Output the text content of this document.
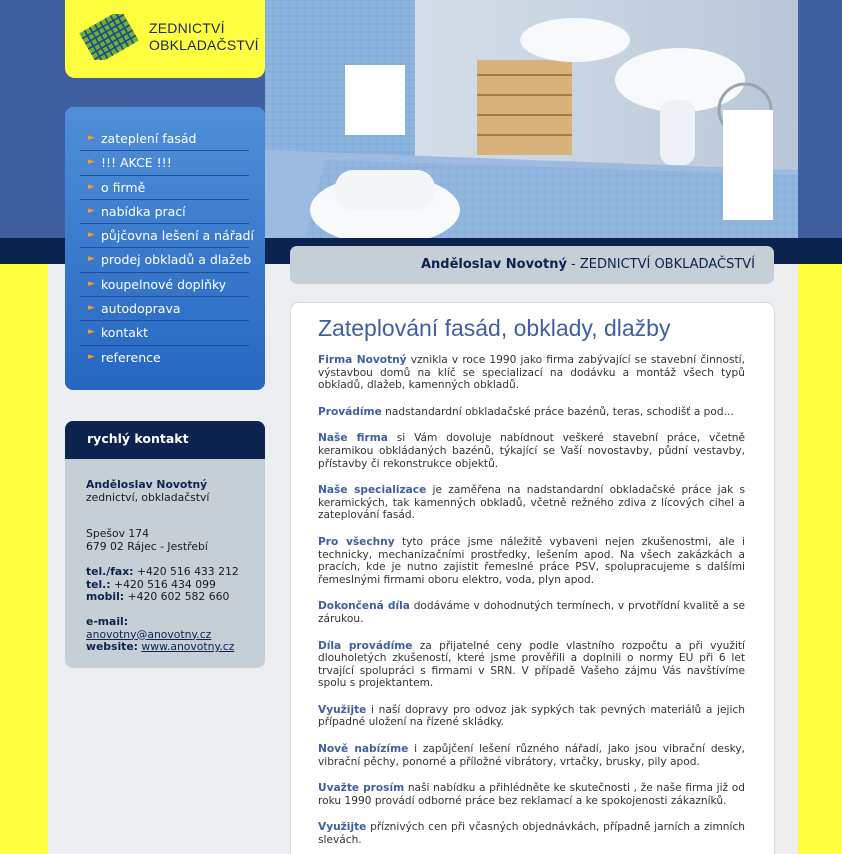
ZEDNICTVÍ
OBKLADAČSTVÍ
► zateplení fasád
► !!! AKCE !!!
► o firmě
► nabídka prací
► půjčovna lešení a nářadí
► prodej obkladů a dlažeb
► koupelnové doplňky
► autodoprava
► kontakt
► reference
rychlý kontakt
Anděloslav Novotný
zednictví, obkladačství
Spešov 174
679 02 Rájec - Jestřebí
tel./fax: +420 516 433 212
tel.: +420 516 434 099
mobil: +420 602 582 660
e-mail: anovotny@anovotny.cz
website: www.anovotny.cz
Anděloslav Novotný - ZEDNICTVÍ OBKLADAČSTVÍ
Zateplování fasád, obklady, dlažby

Firma Novotný vznikla v roce 1990 jako firma zabývající se stavební činností, výstavbou domů na klíč se specializací na dodávku a montáž všech typů obkladů, dlažeb, kamenných obkladů.

Provádíme nadstandardní obkladačské práce bazénů, teras, schodišť a pod...

Naše firma si Vám dovoluje nabídnout veškeré stavební práce, včetně keramikou obkládaných bazénů, týkající se Vaší novostavby, půdní vestavby, přístavby či rekonstrukce objektů.

Naše specializace je zaměřena na nadstandardní obkladačské práce jak s keramických, tak kamenných obkladů, včetně režného zdiva z lícových cihel a zateplování fasád.

Pro všechny tyto práce jsme náležitě vybaveni nejen zkušenostmi, ale i technicky, mechanizačními prostředky, lešením apod. Na všech zakázkách a pracích, kde je nutno zajistit řemeslné práce PSV, spolupracujeme s dalšími řemeslnými firmami oboru elektro, voda, plyn apod.

Dokončená díla dodáváme v dohodnutých termínech, v prvotřídní kvalitě a se zárukou.

Díla provádíme za přijatelné ceny podle vlastního rozpočtu a při využití dlouholetých zkušeností, které jsme prověřili a doplnili o normy EU při 6 let trvající spolupráci s firmami v SRN. V případě Vašeho zájmu Vás navštívíme spolu s projektantem.

Využijte i naší dopravy pro odvoz jak sypkých tak pevných materiálů a jejich případné uložení na řízené skládky.

Nově nabízíme i zapůjčení lešení různého nářadí, jako jsou vibrační desky, vibrační pěchy, ponorné a příložné vibrátory, vrtačky, brusky, pily apod.

Uvažte prosím naši nabídku a přihlédněte ke skutečnosti , že naše firma již od roku 1990 provádí odborné práce bez reklamací a ke spokojenosti zákazníků.

Využijte příznivých cen při včasných objednávkách, případně jarních a zimních slevách.
